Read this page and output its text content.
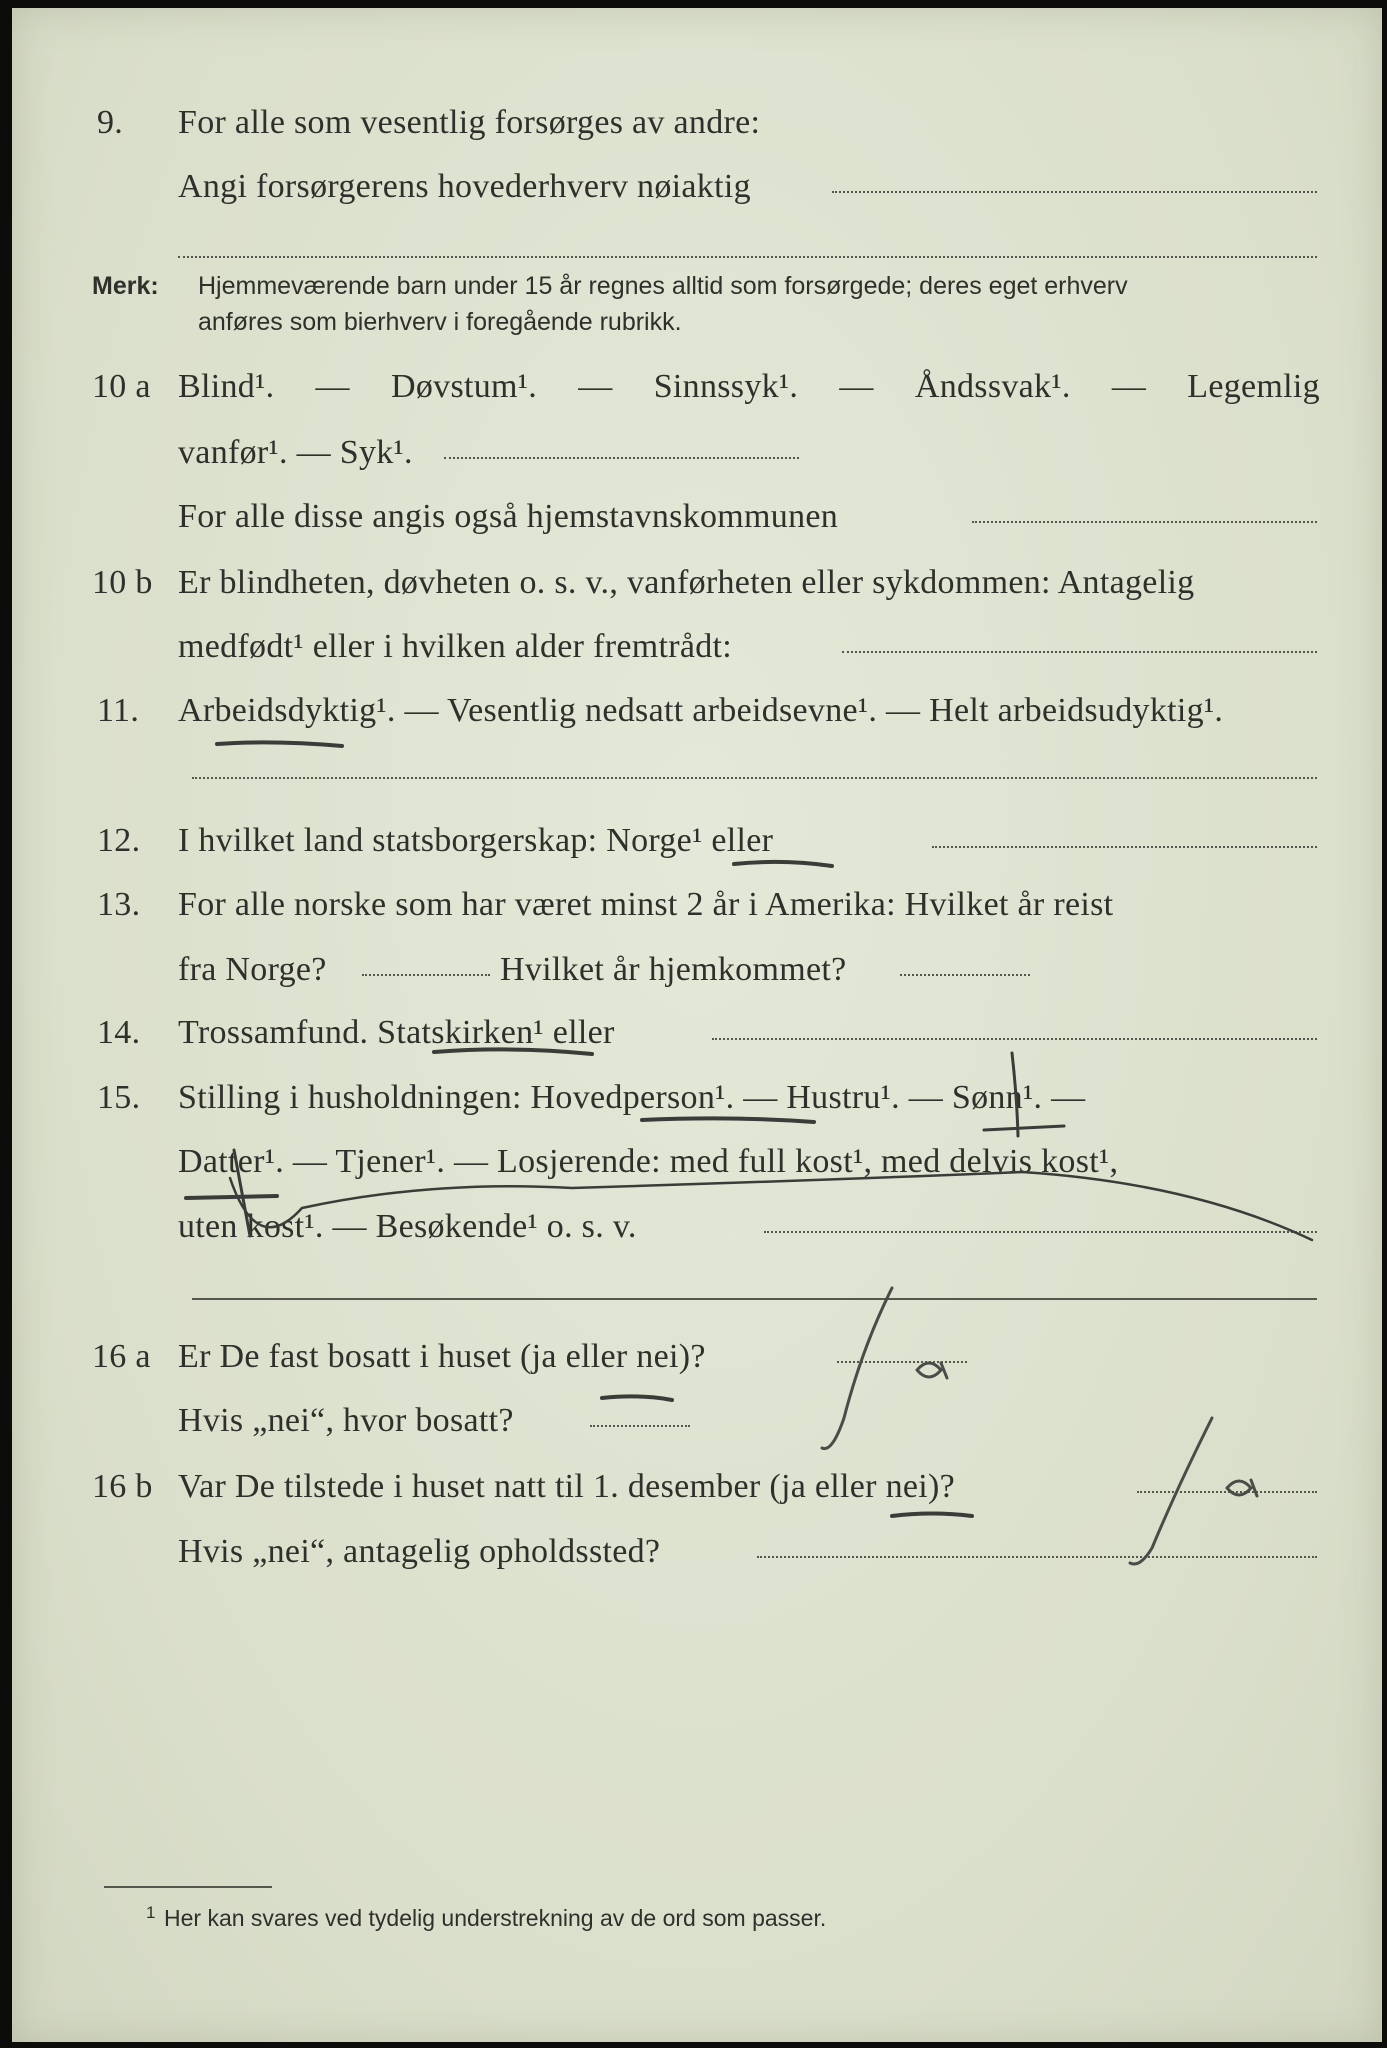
9. For alle som vesentlig forsørges av andre:
Angi forsørgerens hovederhverv nøiaktig
Merk: Hjemmeværende barn under 15 år regnes alltid som forsørgede; deres eget erhverv
anføres som bierhverv i foregående rubrikk.
10 a Blind¹. — Døvstum¹. — Sinnssyk¹. — Åndssvak¹. — Legemlig
vanfør¹. — Syk¹.
For alle disse angis også hjemstavnskommunen
10 b Er blindheten, døvheten o. s. v., vanførheten eller sykdommen: Antagelig
medfødt¹ eller i hvilken alder fremtrådt:
11. Arbeidsdyktig¹. — Vesentlig nedsatt arbeidsevne¹. — Helt arbeidsudyktig¹.
12. I hvilket land statsborgerskap: Norge¹ eller
13. For alle norske som har været minst 2 år i Amerika: Hvilket år reist
fra Norge?	Hvilket år hjemkommet?
14. Trossamfund. Statskirken¹ eller
15. Stilling i husholdningen: Hovedperson¹. — Hustru¹. — Sønn¹. —
Datter¹. — Tjener¹. — Losjerende: med full kost¹, med delvis kost¹,
uten kost¹. — Besøkende¹ o. s. v.
16 a Er De fast bosatt i huset (ja eller nei)?
Hvis „nei“, hvor bosatt?
16 b Var De tilstede i huset natt til 1. desember (ja eller nei)?
Hvis „nei“, antagelig opholdssted?
1 Her kan svares ved tydelig understrekning av de ord som passer.
